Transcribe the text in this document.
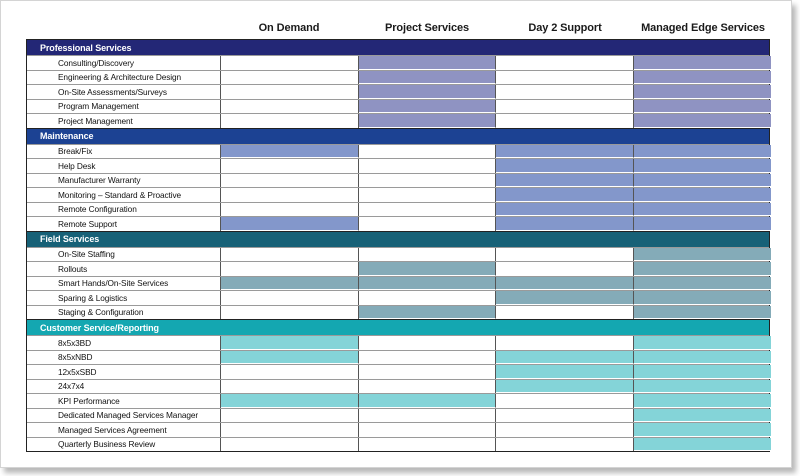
On Demand	Project Services	Day 2 Support	Managed Edge Services
Professional Services
Consulting/Discovery
Engineering & Architecture Design
On-Site Assessments/Surveys
Program Management
Project Management
Maintenance
Break/Fix
Help Desk
Manufacturer Warranty
Monitoring – Standard & Proactive
Remote Configuration
Remote Support
Field Services
On-Site Staffing
Rollouts
Smart Hands/On-Site Services
Sparing & Logistics
Staging & Configuration
Customer Service/Reporting
8x5x3BD
8x5xNBD
12x5xSBD
24x7x4
KPI Performance
Dedicated Managed Services Manager
Managed Services Agreement
Quarterly Business Review
